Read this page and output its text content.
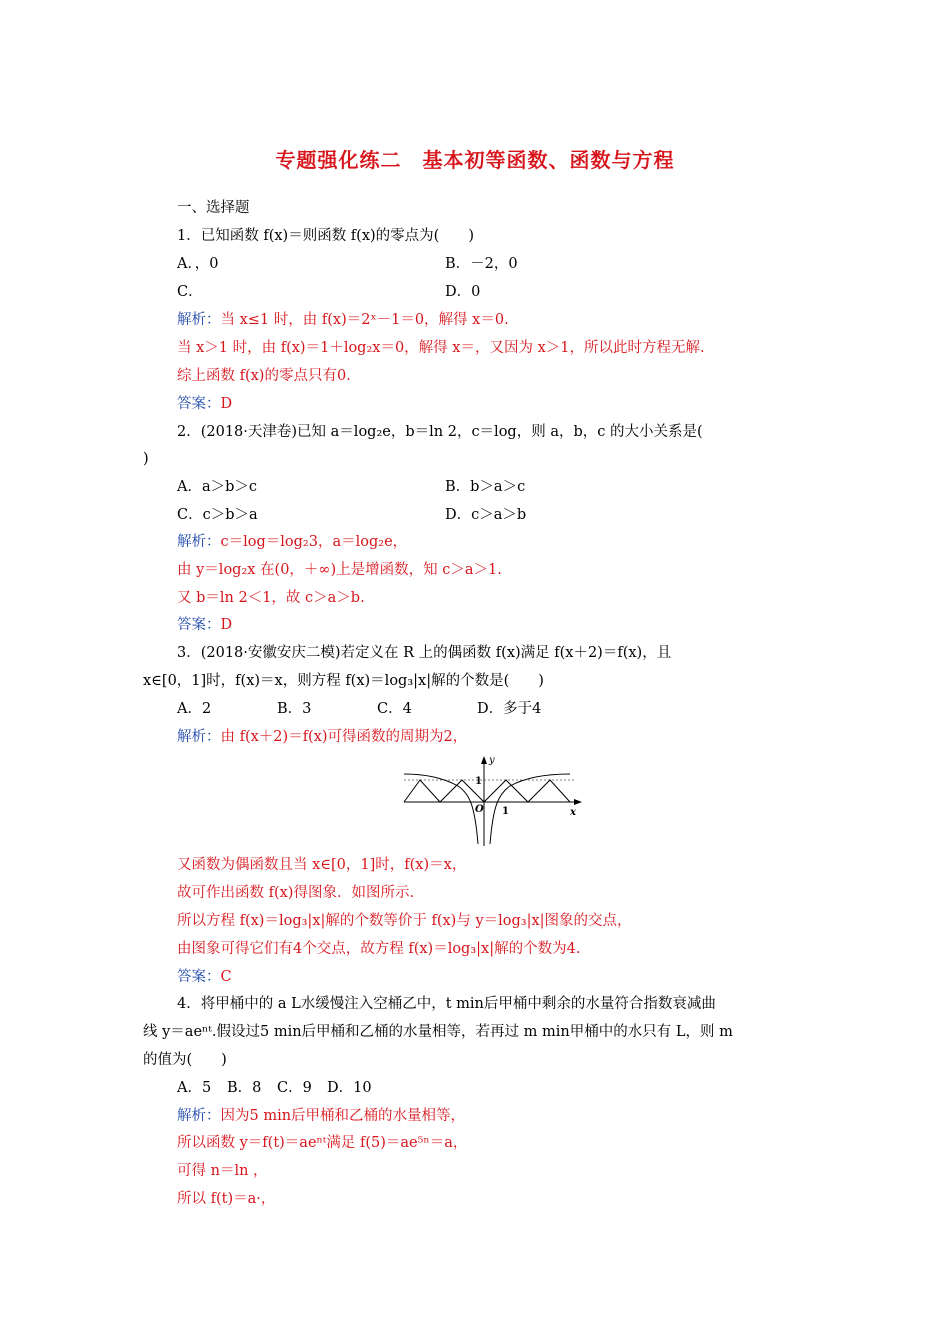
专题强化练二　基本初等函数、函数与方程
一、选择题
1．已知函数 f(x)＝则函数 f(x)的零点为(　　)
A．，0	B．－2，0
C．	D．0
解析：当 x≤1 时，由 f(x)＝2ˣ－1＝0，解得 x＝0.
当 x＞1 时，由 f(x)＝1＋log₂x＝0，解得 x＝，又因为 x＞1，所以此时方程无解.
综上函数 f(x)的零点只有0.
答案：D
2．(2018·天津卷)已知 a＝log₂e，b＝ln 2，c＝log，则 a，b，c 的大小关系是(
)
A．a＞b＞c	B．b＞a＞c
C．c＞b＞a	D．c＞a＞b
解析：c＝log＝log₂3，a＝log₂e，
由 y＝log₂x 在(0，＋∞)上是增函数，知 c＞a＞1.
又 b＝ln 2＜1，故 c＞a＞b.
答案：D
3．(2018·安徽安庆二模)若定义在 R 上的偶函数 f(x)满足 f(x＋2)＝f(x)，且
x∈[0，1]时，f(x)＝x，则方程 f(x)＝log₃|x|解的个数是(　　)
A．2	B．3	C．4	D．多于4
解析：由 f(x＋2)＝f(x)可得函数的周期为2，
y
x
1
O 1
又函数为偶函数且当 x∈[0，1]时，f(x)＝x，
故可作出函数 f(x)得图象．如图所示.
所以方程 f(x)＝log₃|x|解的个数等价于 f(x)与 y＝log₃|x|图象的交点，
由图象可得它们有4个交点，故方程 f(x)＝log₃|x|解的个数为4.
答案：C
4．将甲桶中的 a L水缓慢注入空桶乙中，t min后甲桶中剩余的水量符合指数衰减曲
线 y＝aeⁿᵗ.假设过5 min后甲桶和乙桶的水量相等，若再过 m min甲桶中的水只有 L，则 m
的值为(　　)
A．5 B．8 C．9 D．10
解析：因为5 min后甲桶和乙桶的水量相等，
所以函数 y＝f(t)＝aeⁿᵗ满足 f(5)＝ae⁵ⁿ＝a，
可得 n＝ln ，
所以 f(t)＝a·，
